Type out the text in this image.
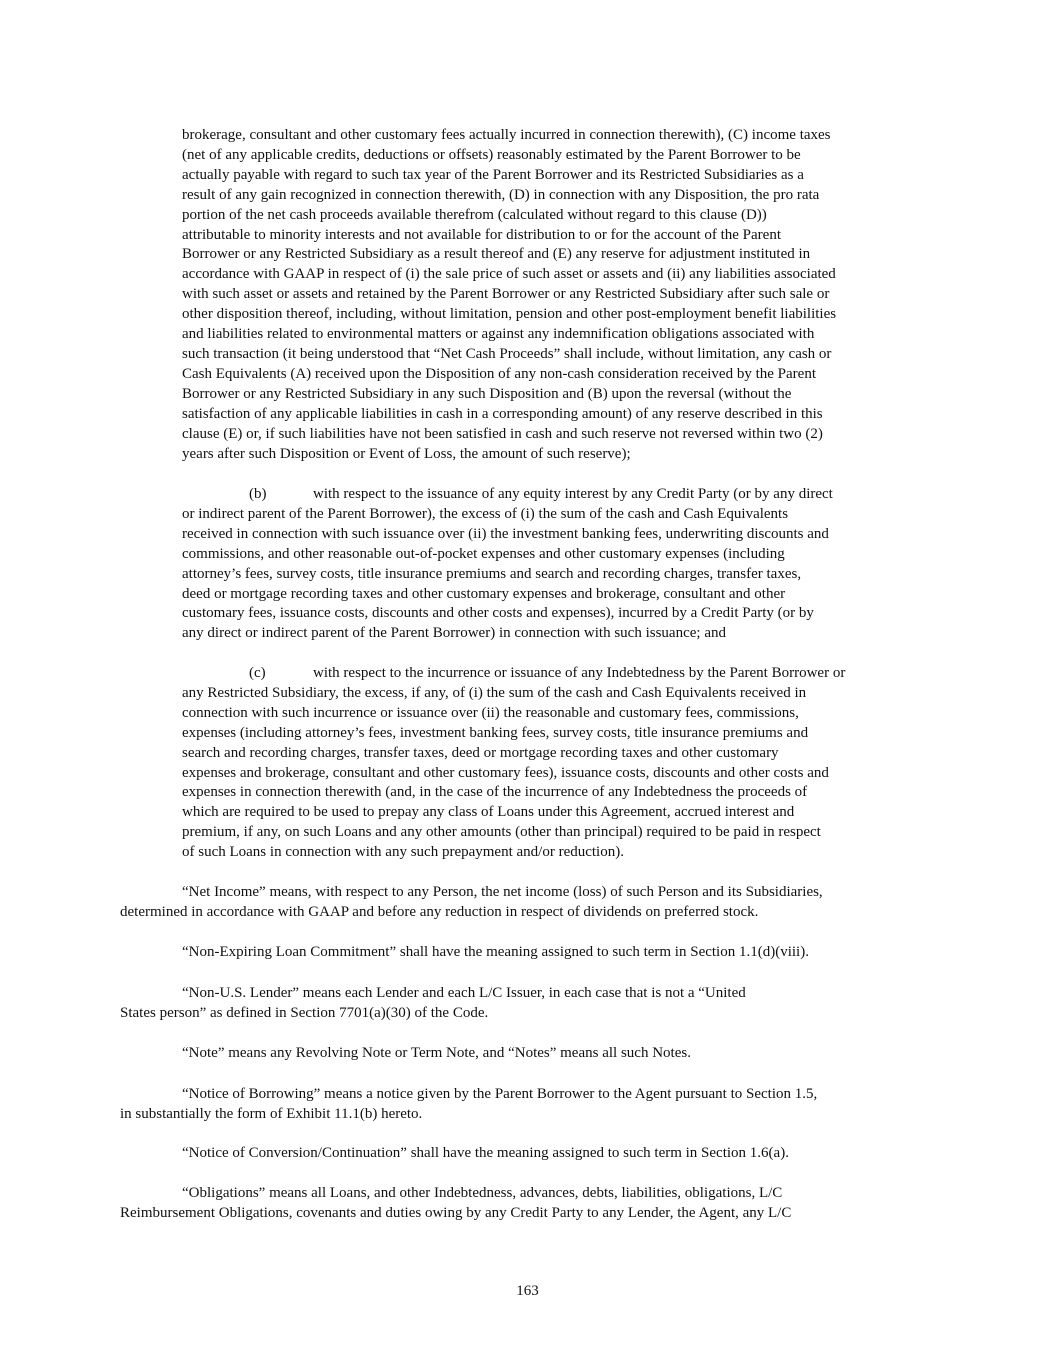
brokerage, consultant and other customary fees actually incurred in connection therewith), (C) income taxes
(net of any applicable credits, deductions or offsets) reasonably estimated by the Parent Borrower to be
actually payable with regard to such tax year of the Parent Borrower and its Restricted Subsidiaries as a
result of any gain recognized in connection therewith, (D) in connection with any Disposition, the pro rata
portion of the net cash proceeds available therefrom (calculated without regard to this clause (D))
attributable to minority interests and not available for distribution to or for the account of the Parent
Borrower or any Restricted Subsidiary as a result thereof and (E) any reserve for adjustment instituted in
accordance with GAAP in respect of (i) the sale price of such asset or assets and (ii) any liabilities associated
with such asset or assets and retained by the Parent Borrower or any Restricted Subsidiary after such sale or
other disposition thereof, including, without limitation, pension and other post-employment benefit liabilities
and liabilities related to environmental matters or against any indemnification obligations associated with
such transaction (it being understood that “Net Cash Proceeds” shall include, without limitation, any cash or
Cash Equivalents (A) received upon the Disposition of any non-cash consideration received by the Parent
Borrower or any Restricted Subsidiary in any such Disposition and (B) upon the reversal (without the
satisfaction of any applicable liabilities in cash in a corresponding amount) of any reserve described in this
clause (E) or, if such liabilities have not been satisfied in cash and such reserve not reversed within two (2)
years after such Disposition or Event of Loss, the amount of such reserve);

(b)	with respect to the issuance of any equity interest by any Credit Party (or by any direct
or indirect parent of the Parent Borrower), the excess of (i) the sum of the cash and Cash Equivalents
received in connection with such issuance over (ii) the investment banking fees, underwriting discounts and
commissions, and other reasonable out-of-pocket expenses and other customary expenses (including
attorney’s fees, survey costs, title insurance premiums and search and recording charges, transfer taxes,
deed or mortgage recording taxes and other customary expenses and brokerage, consultant and other
customary fees, issuance costs, discounts and other costs and expenses), incurred by a Credit Party (or by
any direct or indirect parent of the Parent Borrower) in connection with such issuance; and

(c)	with respect to the incurrence or issuance of any Indebtedness by the Parent Borrower or
any Restricted Subsidiary, the excess, if any, of (i) the sum of the cash and Cash Equivalents received in
connection with such incurrence or issuance over (ii) the reasonable and customary fees, commissions,
expenses (including attorney’s fees, investment banking fees, survey costs, title insurance premiums and
search and recording charges, transfer taxes, deed or mortgage recording taxes and other customary
expenses and brokerage, consultant and other customary fees), issuance costs, discounts and other costs and
expenses in connection therewith (and, in the case of the incurrence of any Indebtedness the proceeds of
which are required to be used to prepay any class of Loans under this Agreement, accrued interest and
premium, if any, on such Loans and any other amounts (other than principal) required to be paid in respect
of such Loans in connection with any such prepayment and/or reduction).

“Net Income” means, with respect to any Person, the net income (loss) of such Person and its Subsidiaries,
determined in accordance with GAAP and before any reduction in respect of dividends on preferred stock.

“Non-Expiring Loan Commitment” shall have the meaning assigned to such term in Section 1.1(d)(viii).

“Non-U.S. Lender” means each Lender and each L/C Issuer, in each case that is not a “United
States person” as defined in Section 7701(a)(30) of the Code.

“Note” means any Revolving Note or Term Note, and “Notes” means all such Notes.

“Notice of Borrowing” means a notice given by the Parent Borrower to the Agent pursuant to Section 1.5,
in substantially the form of Exhibit 11.1(b) hereto.

“Notice of Conversion/Continuation” shall have the meaning assigned to such term in Section 1.6(a).

“Obligations” means all Loans, and other Indebtedness, advances, debts, liabilities, obligations, L/C
Reimbursement Obligations, covenants and duties owing by any Credit Party to any Lender, the Agent, any L/C

163
